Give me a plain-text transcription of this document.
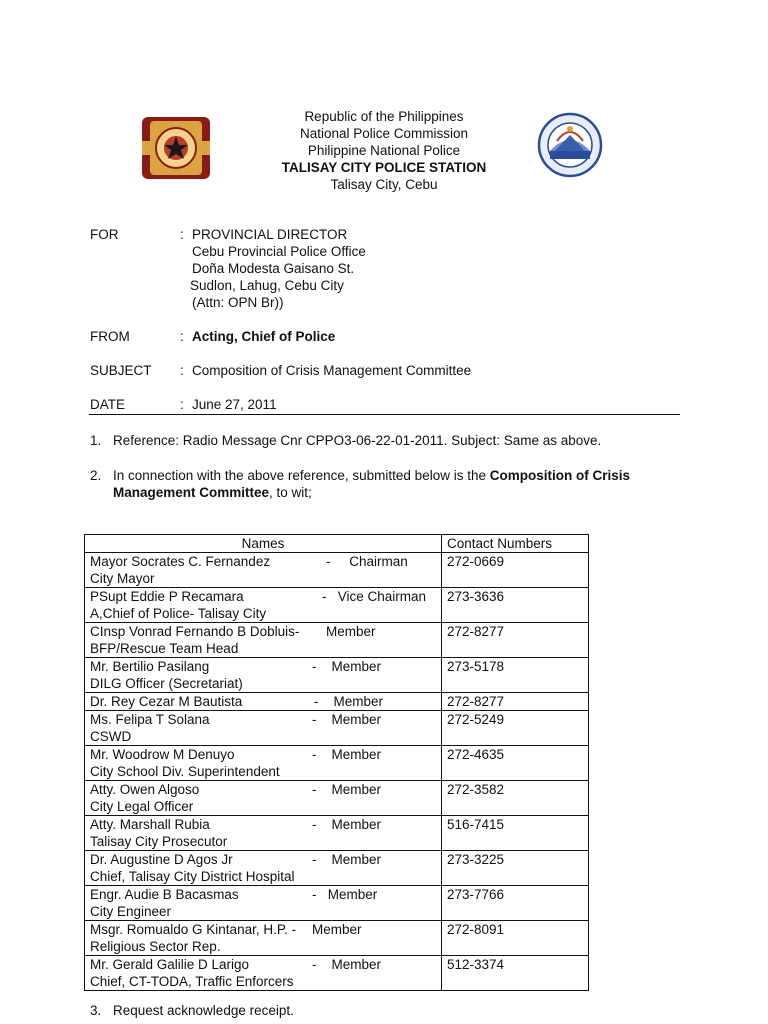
Republic of the Philippines
National Police Commission
Philippine National Police
TALISAY CITY POLICE STATION
Talisay City, Cebu
FOR	: PROVINCIAL DIRECTOR
Cebu Provincial Police Office
Doña Modesta Gaisano St.
Sudlon, Lahug, Cebu City
(Attn: OPN Br))
FROM	: Acting, Chief of Police
SUBJECT : Composition of Crisis Management Committee
DATE	: June 27, 2011
1. Reference: Radio Message Cnr CPPO3-06-22-01-2011. Subject: Same as above.
2. In connection with the above reference, submitted below is the Composition of Crisis Management Committee, to wit;
Names	Contact Numbers

Mayor Socrates C. Fernandez -     Chairman
City Mayor	272-0669

PSupt Eddie P Recamara -   Vice Chairman
A,Chief of Police- Talisay City	273-3636

CInsp Vonrad Fernando B Dobluis- Member
BFP/Rescue Team Head	272-8277

Mr. Bertilio Pasilang -    Member
DILG Officer (Secretariat)	273-5178

Dr. Rey Cezar M Bautista -    Member	272-8277

Ms. Felipa T Solana -    Member
CSWD	272-5249

Mr. Woodrow M Denuyo -    Member
City School Div. Superintendent	272-4635

Atty. Owen Algoso -    Member
City Legal Officer	272-3582

Atty. Marshall Rubia -    Member
Talisay City Prosecutor	516-7415

Dr. Augustine D Agos Jr -    Member
Chief, Talisay City District Hospital	273-3225

Engr. Audie B Bacasmas -   Member
City Engineer	273-7766

Msgr. Romualdo G Kintanar, H.P. - Member
Religious Sector Rep.	272-8091

Mr. Gerald Galilie D Larigo -    Member
Chief, CT-TODA, Traffic Enforcers	512-3374
3. Request acknowledge receipt.
